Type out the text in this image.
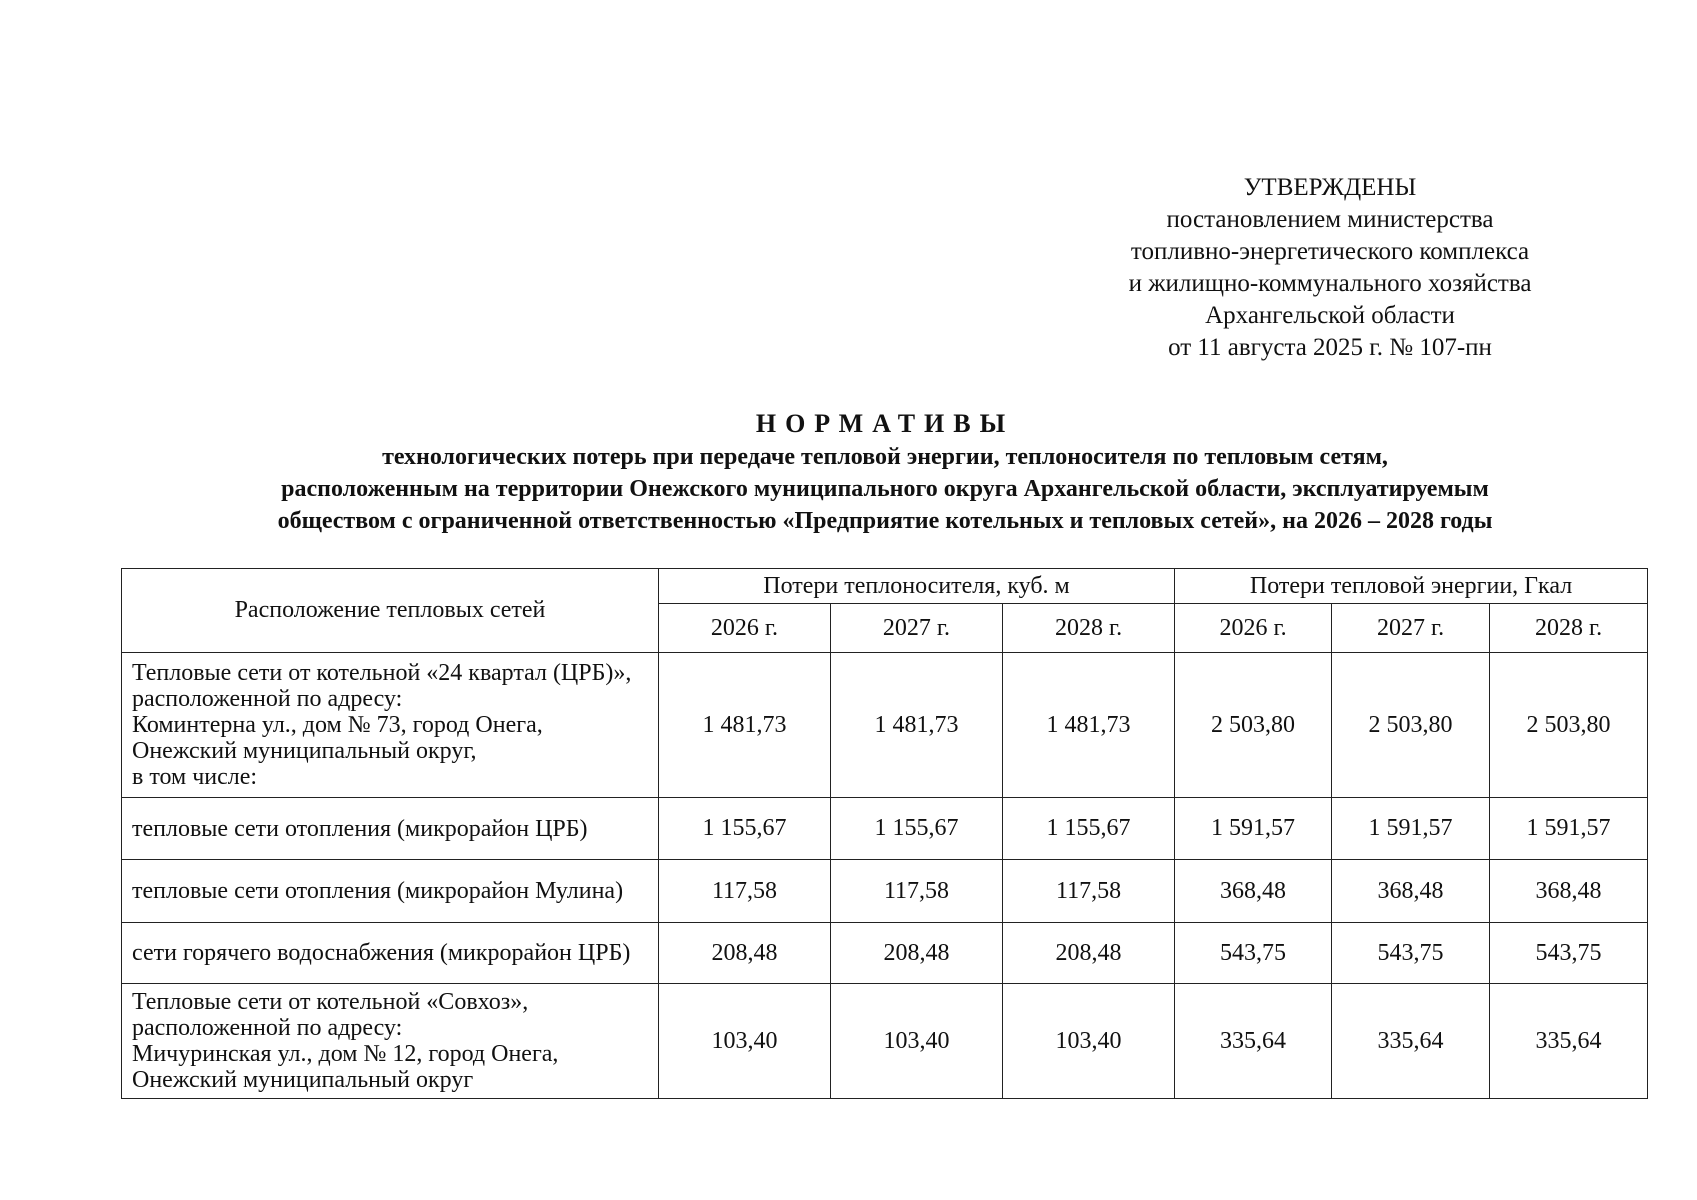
УТВЕРЖДЕНЫ
постановлением министерства
топливно-энергетического комплекса
и жилищно-коммунального хозяйства
Архангельской области
от 11 августа 2025 г. № 107-пн
НОРМАТИВЫ
технологических потерь при передаче тепловой энергии, теплоносителя по тепловым сетям,
расположенным на территории Онежского муниципального округа Архангельской области, эксплуатируемым
обществом с ограниченной ответственностью «Предприятие котельных и тепловых сетей», на 2026 – 2028 годы
Расположение тепловых сетей	Потери теплоносителя, куб. м			Потери тепловой энергии, Гкал		
	2026 г.	2027 г.	2028 г.	2026 г.	2027 г.	2028 г.

Тепловые сети от котельной «24 квартал (ЦРБ)»,
расположенной по адресу:
Коминтерна ул., дом № 73, город Онега,
Онежский муниципальный округ,
в том числе:	1 481,73	1 481,73	1 481,73	2 503,80	2 503,80	2 503,80

тепловые сети отопления (микрорайон ЦРБ)	1 155,67	1 155,67	1 155,67	1 591,57	1 591,57	1 591,57

тепловые сети отопления (микрорайон Мулина)	117,58	117,58	117,58	368,48	368,48	368,48

сети горячего водоснабжения (микрорайон ЦРБ)	208,48	208,48	208,48	543,75	543,75	543,75

Тепловые сети от котельной «Совхоз»,
расположенной по адресу:
Мичуринская ул., дом № 12, город Онега,
Онежский муниципальный округ	103,40	103,40	103,40	335,64	335,64	335,64
